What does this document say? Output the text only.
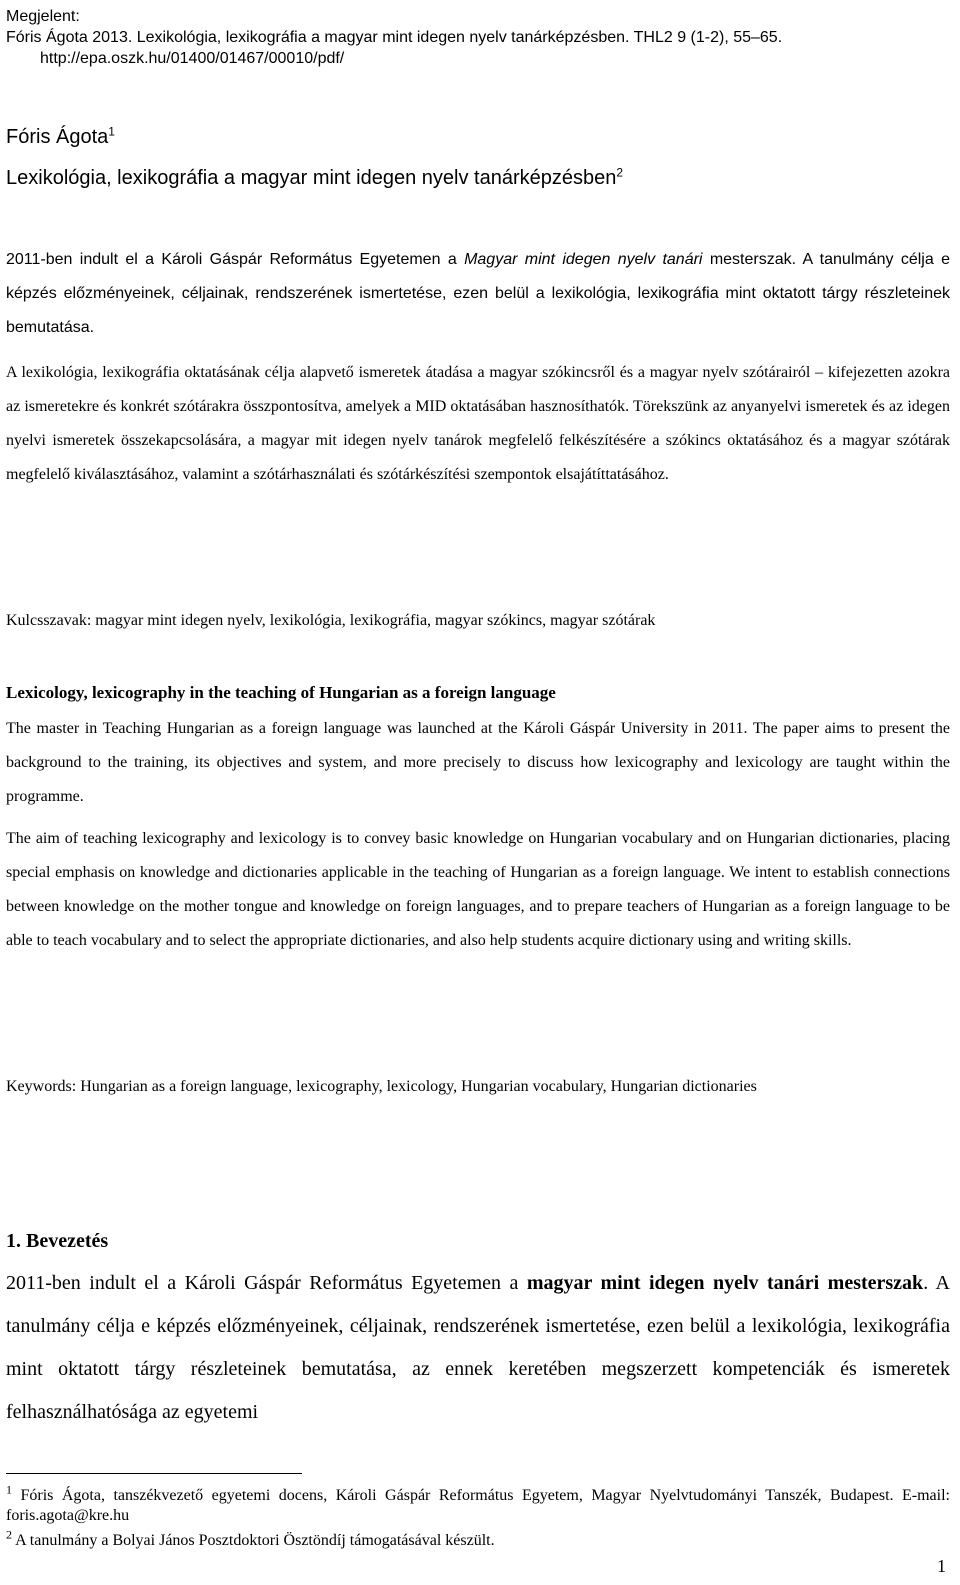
Megjelent:
Fóris Ágota 2013. Lexikológia, lexikográfia a magyar mint idegen nyelv tanárképzésben. THL2 9 (1-2), 55–65.
http://epa.oszk.hu/01400/01467/00010/pdf/
Fóris Ágota$^1$
Lexikológia, lexikográfia a magyar mint idegen nyelv tanárképzésben$^2$

2011-ben indult el a Károli Gáspár Református Egyetemen a Magyar mint idegen nyelv tanári mesterszak. A tanulmány célja e képzés előzményeinek, céljainak, rendszerének ismertetése, ezen belül a lexikológia, lexikográfia mint oktatott tárgy részleteinek bemutatása.

A lexikológia, lexikográfia oktatásának célja alapvető ismeretek átadása a magyar szókincsről és a magyar nyelv szótárairól – kifejezetten azokra az ismeretekre és konkrét szótárakra összpontosítva, amelyek a MID oktatásában hasznosíthatók. Törekszünk az anyanyelvi ismeretek és az idegen nyelvi ismeretek összekapcsolására, a magyar mit idegen nyelv tanárok megfelelő felkészítésére a szókincs oktatásához és a magyar szótárak megfelelő kiválasztásához, valamint a szótárhasználati és szótárkészítési szempontok elsajátíttatásához.

Kulcsszavak: magyar mint idegen nyelv, lexikológia, lexikográfia, magyar szókincs, magyar szótárak

Lexicology, lexicography in the teaching of Hungarian as a foreign language

The master in Teaching Hungarian as a foreign language was launched at the Károli Gáspár University in 2011. The paper aims to present the background to the training, its objectives and system, and more precisely to discuss how lexicography and lexicology are taught within the programme.

The aim of teaching lexicography and lexicology is to convey basic knowledge on Hungarian vocabulary and on Hungarian dictionaries, placing special emphasis on knowledge and dictionaries applicable in the teaching of Hungarian as a foreign language. We intent to establish connections between knowledge on the mother tongue and knowledge on foreign languages, and to prepare teachers of Hungarian as a foreign language to be able to teach vocabulary and to select the appropriate dictionaries, and also help students acquire dictionary using and writing skills.

Keywords: Hungarian as a foreign language, lexicography, lexicology, Hungarian vocabulary, Hungarian dictionaries

1. Bevezetés

2011-ben indult el a Károli Gáspár Református Egyetemen a magyar mint idegen nyelv tanári mesterszak. A tanulmány célja e képzés előzményeinek, céljainak, rendszerének ismertetése, ezen belül a lexikológia, lexikográfia mint oktatott tárgy részleteinek bemutatása, az ennek keretében megszerzett kompetenciák és ismeretek felhasználhatósága az egyetemi

$^1$ Fóris Ágota, tanszékvezető egyetemi docens, Károli Gáspár Református Egyetem, Magyar Nyelvtudományi Tanszék, Budapest. E-mail: foris.agota@kre.hu

$^2$ A tanulmány a Bolyai János Posztdoktori Ösztöndíj támogatásával készült.

1
